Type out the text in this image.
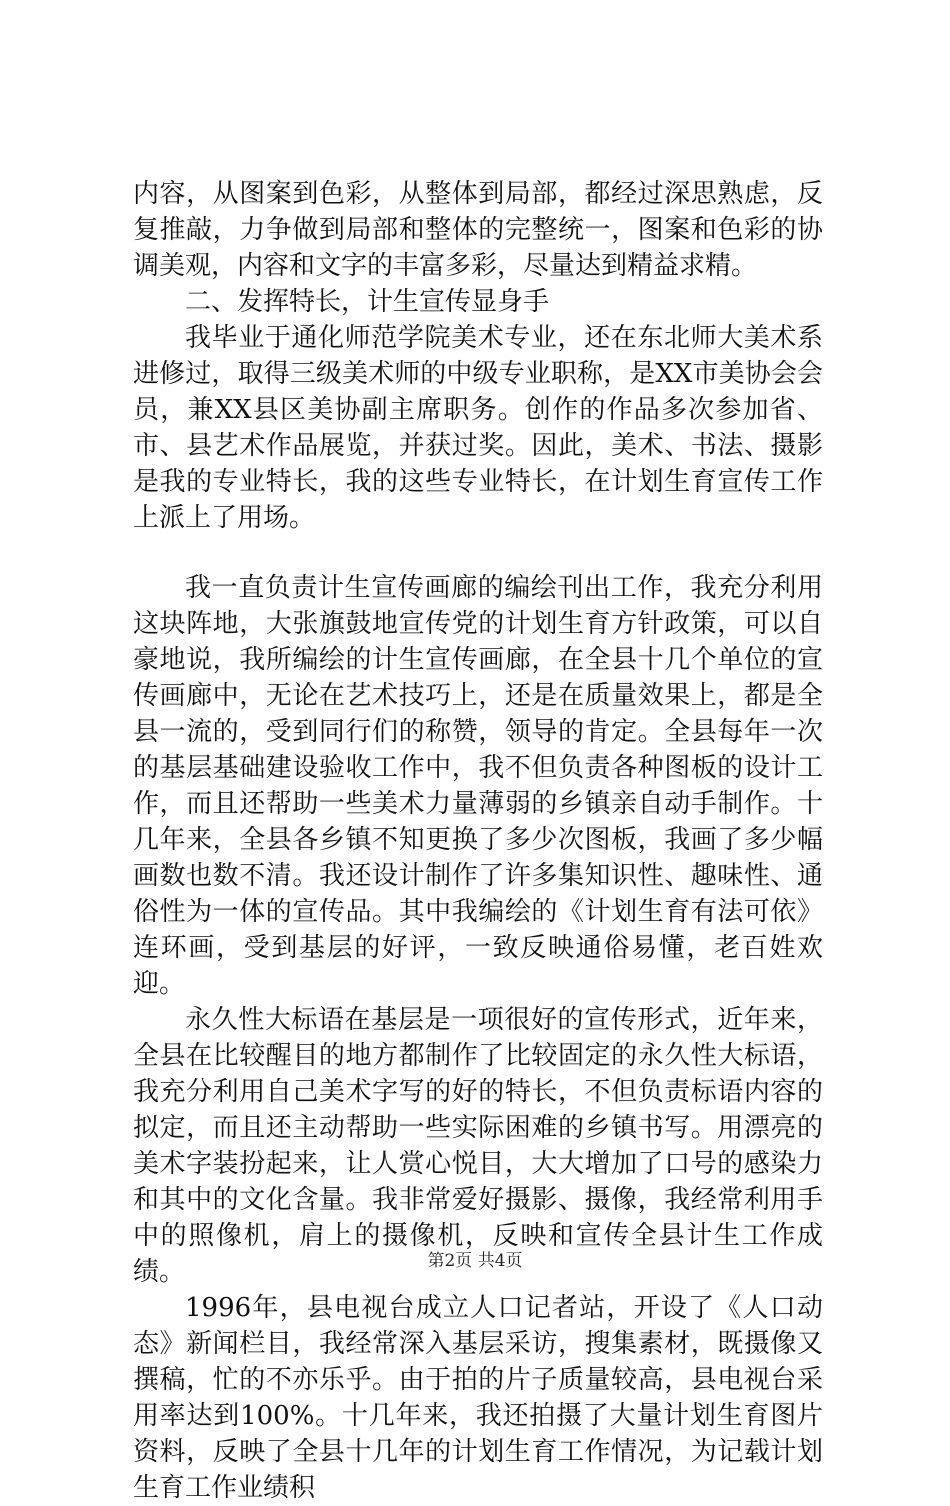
内容，从图案到色彩，从整体到局部，都经过深思熟虑，反复推敲，力争做到局部和整体的完整统一，图案和色彩的协调美观，内容和文字的丰富多彩，尽量达到精益求精。

二、发挥特长，计生宣传显身手

我毕业于通化师范学院美术专业，还在东北师大美术系进修过，取得三级美术师的中级专业职称，是XX市美协会会员，兼XX县区美协副主席职务。创作的作品多次参加省、市、县艺术作品展览，并获过奖。因此，美术、书法、摄影是我的专业特长，我的这些专业特长，在计划生育宣传工作上派上了用场。

我一直负责计生宣传画廊的编绘刊出工作，我充分利用这块阵地，大张旗鼓地宣传党的计划生育方针政策，可以自豪地说，我所编绘的计生宣传画廊，在全县十几个单位的宣传画廊中，无论在艺术技巧上，还是在质量效果上，都是全县一流的，受到同行们的称赞，领导的肯定。全县每年一次的基层基础建设验收工作中，我不但负责各种图板的设计工作，而且还帮助一些美术力量薄弱的乡镇亲自动手制作。十几年来，全县各乡镇不知更换了多少次图板，我画了多少幅画数也数不清。我还设计制作了许多集知识性、趣味性、通俗性为一体的宣传品。其中我编绘的《计划生育有法可依》连环画，受到基层的好评，一致反映通俗易懂，老百姓欢迎。

永久性大标语在基层是一项很好的宣传形式，近年来，全县在比较醒目的地方都制作了比较固定的永久性大标语，我充分利用自己美术字写的好的特长，不但负责标语内容的拟定，而且还主动帮助一些实际困难的乡镇书写。用漂亮的美术字装扮起来，让人赏心悦目，大大增加了口号的感染力和其中的文化含量。我非常爱好摄影、摄像，我经常利用手中的照像机，肩上的摄像机，反映和宣传全县计生工作成绩。

1996年，县电视台成立人口记者站，开设了《人口动态》新闻栏目，我经常深入基层采访，搜集素材，既摄像又撰稿，忙的不亦乐乎。由于拍的片子质量较高，县电视台采用率达到100%。十几年来，我还拍摄了大量计划生育图片资料，反映了全县十几年的计划生育工作情况，为记载计划生育工作业绩积

第2页 共4页
